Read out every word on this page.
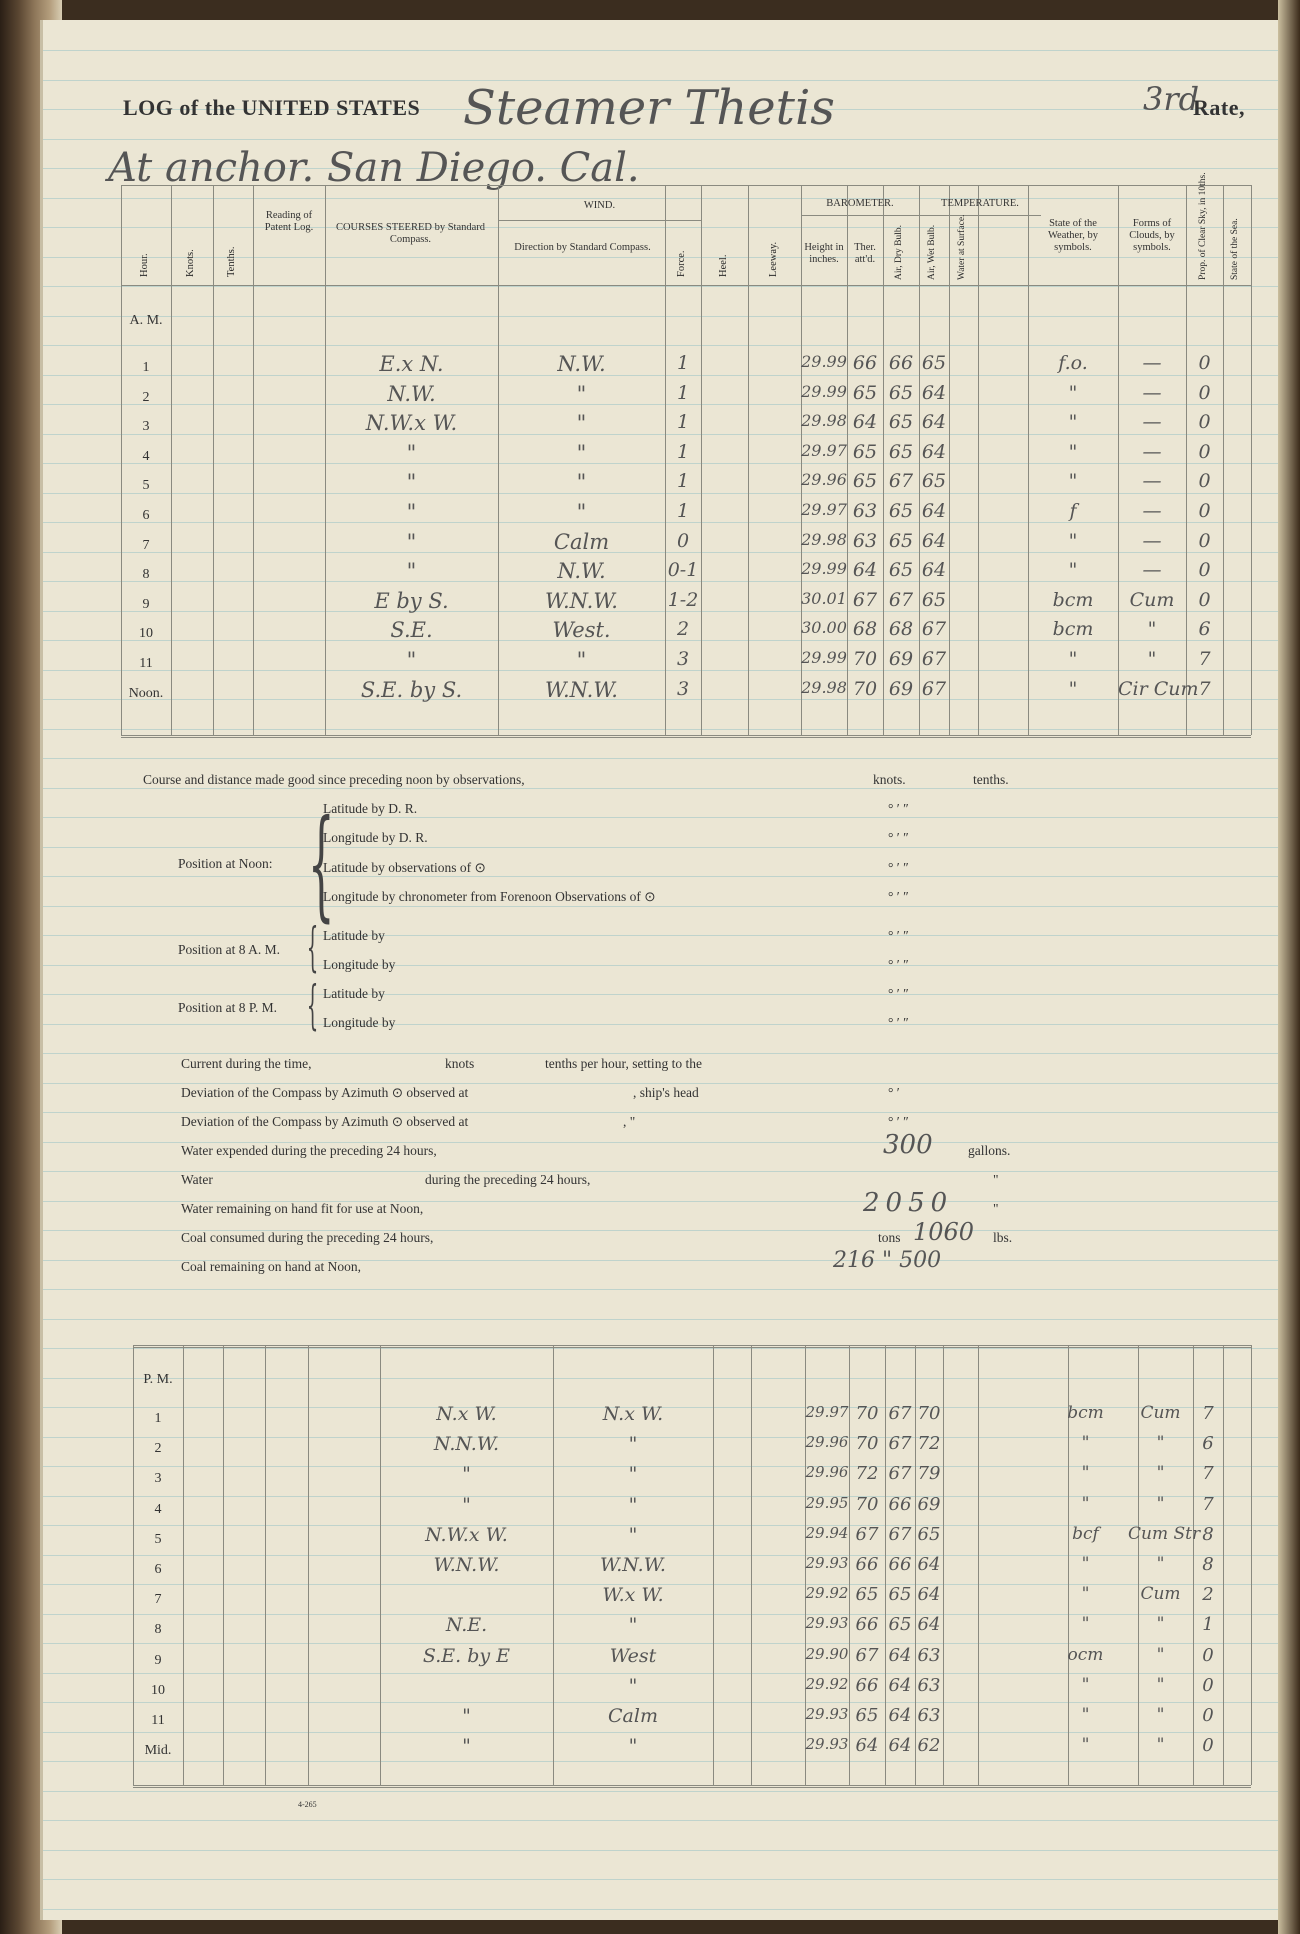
LOG of the UNITED STATES Steamer Thetis	3rd
Rate,
At anchor. San Diego. Cal.
Hour.	Knots.	Tenths.
Reading of Patent Log.	COURSES STEERED by Standard Compass.
WIND.
Direction by Standard Compass.
Force.	Heel.	Leeway.
BAROMETER.
Height in inches.
Ther. att'd.
TEMPERATURE.
Air, Dry Bulb. Air, Wet Bulb. Water at Surface.	State of the Weather, by symbols.
Forms of Clouds, by symbols.	Prop. of Clear Sky, in 10ths. State of the Sea.
A. M.
1	E.x N.	N.W.	1	29.99 66 66 65	f.o.	—	0
2	N.W.	"	1	29.99 65 65 64	"	—	0
3	N.W.x W.	"	1	29.98 64 65 64	"	—	0
4	"	"	1	29.97 65 65 64	"	—	0
5	"	"	1	29.96 65 67 65	"	—	0
6	"	"	1	29.97 63 65 64	f	—	0
7	"	Calm	0	29.98 63 65 64	"	—	0
8	"	N.W.	0-1	29.99 64 65 64	"	—	0
9	E by S.	W.N.W.	1-2	30.01 67 67 65	bcm	Cum	0
10	S.E.	West.	2	30.00 68 68 67	bcm	"	6
11	"	"	3	29.99 70 69 67	"	"	7
Noon.	S.E. by S.	W.N.W.	3	29.98 70 69 67	"	Cir Cum 7
Course and distance made good since preceding noon by observations,	knots.	tenths.
Position at Noon: {
Latitude by D. R.
Longitude by D. R.
Latitude by observations of ⊙
Longitude by chronometer from Forenoon Observations of ⊙
Position at 8 A. M. { Latitude by
Longitude by
Position at 8 P. M. { Latitude by
Longitude by
° ′ ″
° ′ ″
° ′ ″
° ′ ″
° ′ ″
° ′ ″
° ′ ″
° ′ ″
Current during the time,	knots	tenths per hour, setting to the
Deviation of the Compass by Azimuth ⊙ observed at	, ship's head	° ′
Deviation of the Compass by Azimuth ⊙ observed at	, "	° ′ ″
Water expended during the preceding 24 hours,	300	gallons.
Water	during the preceding 24 hours,	"
Water remaining on hand fit for use at Noon,	2050	"
Coal consumed during the preceding 24 hours,	tons 1060 lbs.
Coal remaining on hand at Noon,	216 " 500
P. M.
1	N.x W.	N.x W.	29.97 70 67 70	bcm	Cum	7
2	N.N.W.	"	29.96 70 67 72	"	"	6
3	"	"	29.96 72 67 79	"	"	7
4	"	"	29.95 70 66 69	"	"	7
5	N.W.x W.	"	29.94 67 67 65	bcf	Cum Str 8
6	W.N.W.	W.N.W.	29.93 66 66 64	"	"	8
7	W.x W.	29.92 65 65 64	"	Cum	2
8	N.E.	"	29.93 66 65 64	"	"	1
9	S.E. by E	West	29.90 67 64 63	ocm	"	0
10	"	29.92 66 64 63	"	"	0
11	"	Calm	29.93 65 64 63	"	"	0
Mid.	"	"	29.93 64 64 62	"	"	0
4-265
